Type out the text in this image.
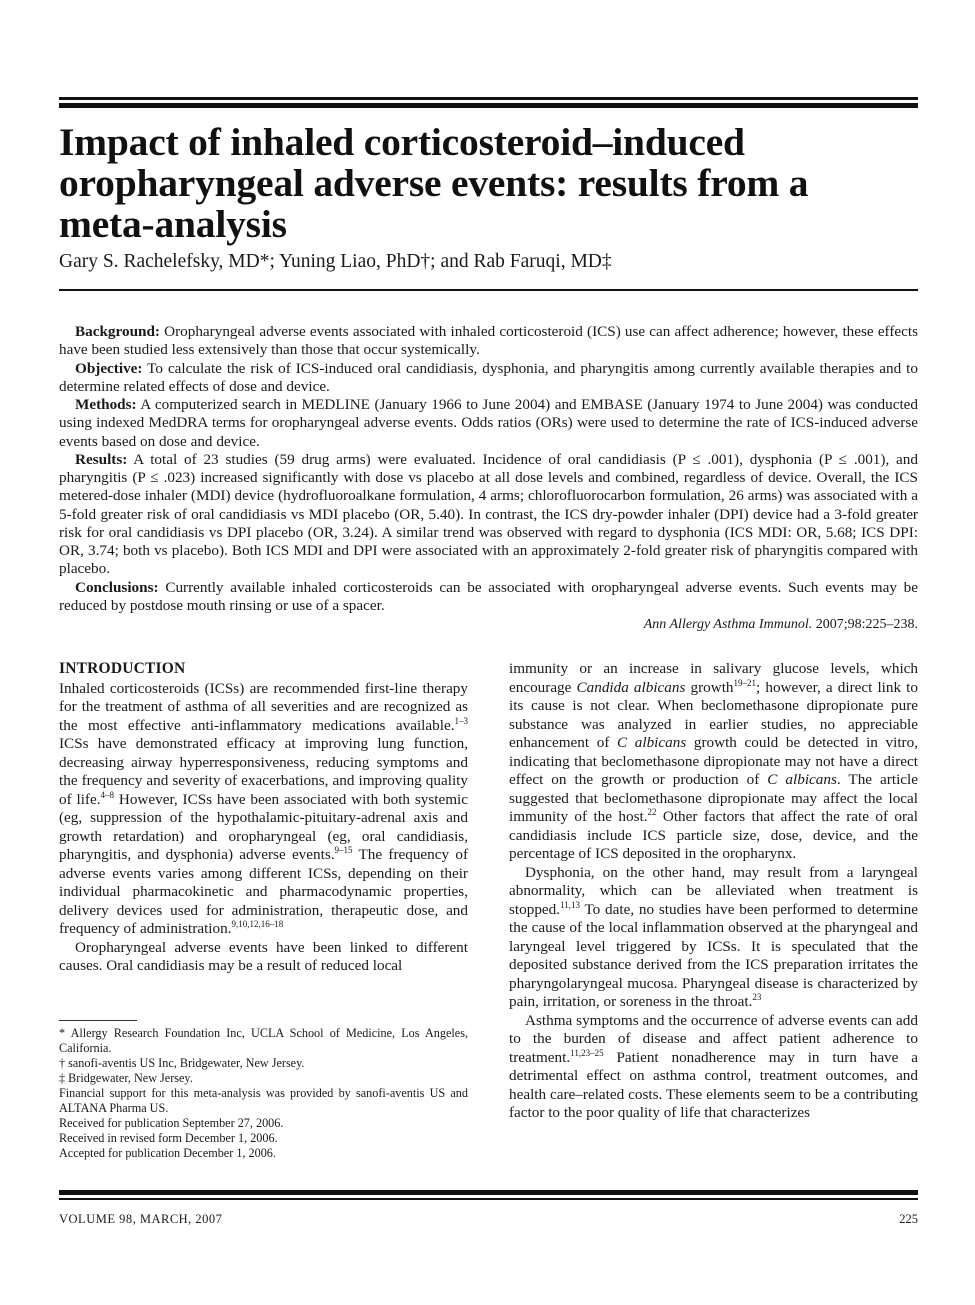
Impact of inhaled corticosteroid–induced
oropharyngeal adverse events: results from a
meta-analysis
Gary S. Rachelefsky, MD*; Yuning Liao, PhD†; and Rab Faruqi, MD‡

Background: Oropharyngeal adverse events associated with inhaled corticosteroid (ICS) use can affect adherence; however, these effects have been studied less extensively than those that occur systemically.

Objective: To calculate the risk of ICS-induced oral candidiasis, dysphonia, and pharyngitis among currently available therapies and to determine related effects of dose and device.

Methods: A computerized search in MEDLINE (January 1966 to June 2004) and EMBASE (January 1974 to June 2004) was conducted using indexed MedDRA terms for oropharyngeal adverse events. Odds ratios (ORs) were used to determine the rate of ICS-induced adverse events based on dose and device.

Results: A total of 23 studies (59 drug arms) were evaluated. Incidence of oral candidiasis (P ≤ .001), dysphonia (P ≤ .001), and pharyngitis (P ≤ .023) increased significantly with dose vs placebo at all dose levels and combined, regardless of device. Overall, the ICS metered-dose inhaler (MDI) device (hydrofluoroalkane formulation, 4 arms; chlorofluorocarbon formulation, 26 arms) was associated with a 5-fold greater risk of oral candidiasis vs MDI placebo (OR, 5.40). In contrast, the ICS dry-powder inhaler (DPI) device had a 3-fold greater risk for oral candidiasis vs DPI placebo (OR, 3.24). A similar trend was observed with regard to dysphonia (ICS MDI: OR, 5.68; ICS DPI: OR, 3.74; both vs placebo). Both ICS MDI and DPI were associated with an approximately 2-fold greater risk of pharyngitis compared with placebo.

Conclusions: Currently available inhaled corticosteroids can be associated with oropharyngeal adverse events. Such events may be reduced by postdose mouth rinsing or use of a spacer.

Ann Allergy Asthma Immunol. 2007;98:225–238.

INTRODUCTION

Inhaled corticosteroids (ICSs) are recommended first-line therapy for the treatment of asthma of all severities and are recognized as the most effective anti-inflammatory medications available.$^{1-3}$ ICSs have demonstrated efficacy at improving lung function, decreasing airway hyperresponsiveness, reducing symptoms and the frequency and severity of exacerbations, and improving quality of life.$^{4-8}$ However, ICSs have been associated with both systemic (eg, suppression of the hypothalamic-pituitary-adrenal axis and growth retardation) and oropharyngeal (eg, oral candidiasis, pharyngitis, and dysphonia) adverse events.$^{9-15}$ The frequency of adverse events varies among different ICSs, depending on their individual pharmacokinetic and pharmacodynamic properties, delivery devices used for administration, therapeutic dose, and frequency of administration.$^{9,10,12,16-18}$

Oropharyngeal adverse events have been linked to different causes. Oral candidiasis may be a result of reduced local

* Allergy Research Foundation Inc, UCLA School of Medicine, Los Angeles, California.
† sanofi-aventis US Inc, Bridgewater, New Jersey.
‡ Bridgewater, New Jersey.
Financial support for this meta-analysis was provided by sanofi-aventis US and ALTANA Pharma US.
Received for publication September 27, 2006.
Received in revised form December 1, 2006.
Accepted for publication December 1, 2006.

immunity or an increase in salivary glucose levels, which encourage Candida albicans growth$^{19-21}$; however, a direct link to its cause is not clear. When beclomethasone dipropionate pure substance was analyzed in earlier studies, no appreciable enhancement of C albicans growth could be detected in vitro, indicating that beclomethasone dipropionate may not have a direct effect on the growth or production of C albicans. The article suggested that beclomethasone dipropionate may affect the local immunity of the host.$^{22}$ Other factors that affect the rate of oral candidiasis include ICS particle size, dose, device, and the percentage of ICS deposited in the oropharynx.

Dysphonia, on the other hand, may result from a laryngeal abnormality, which can be alleviated when treatment is stopped.$^{11,13}$ To date, no studies have been performed to determine the cause of the local inflammation observed at the pharyngeal and laryngeal level triggered by ICSs. It is speculated that the deposited substance derived from the ICS preparation irritates the pharyngolaryngeal mucosa. Pharyngeal disease is characterized by pain, irritation, or soreness in the throat.$^{23}$

Asthma symptoms and the occurrence of adverse events can add to the burden of disease and affect patient adherence to treatment.$^{11,23-25}$ Patient nonadherence may in turn have a detrimental effect on asthma control, treatment outcomes, and health care–related costs. These elements seem to be a contributing factor to the poor quality of life that characterizes

VOLUME 98, MARCH, 2007	225
